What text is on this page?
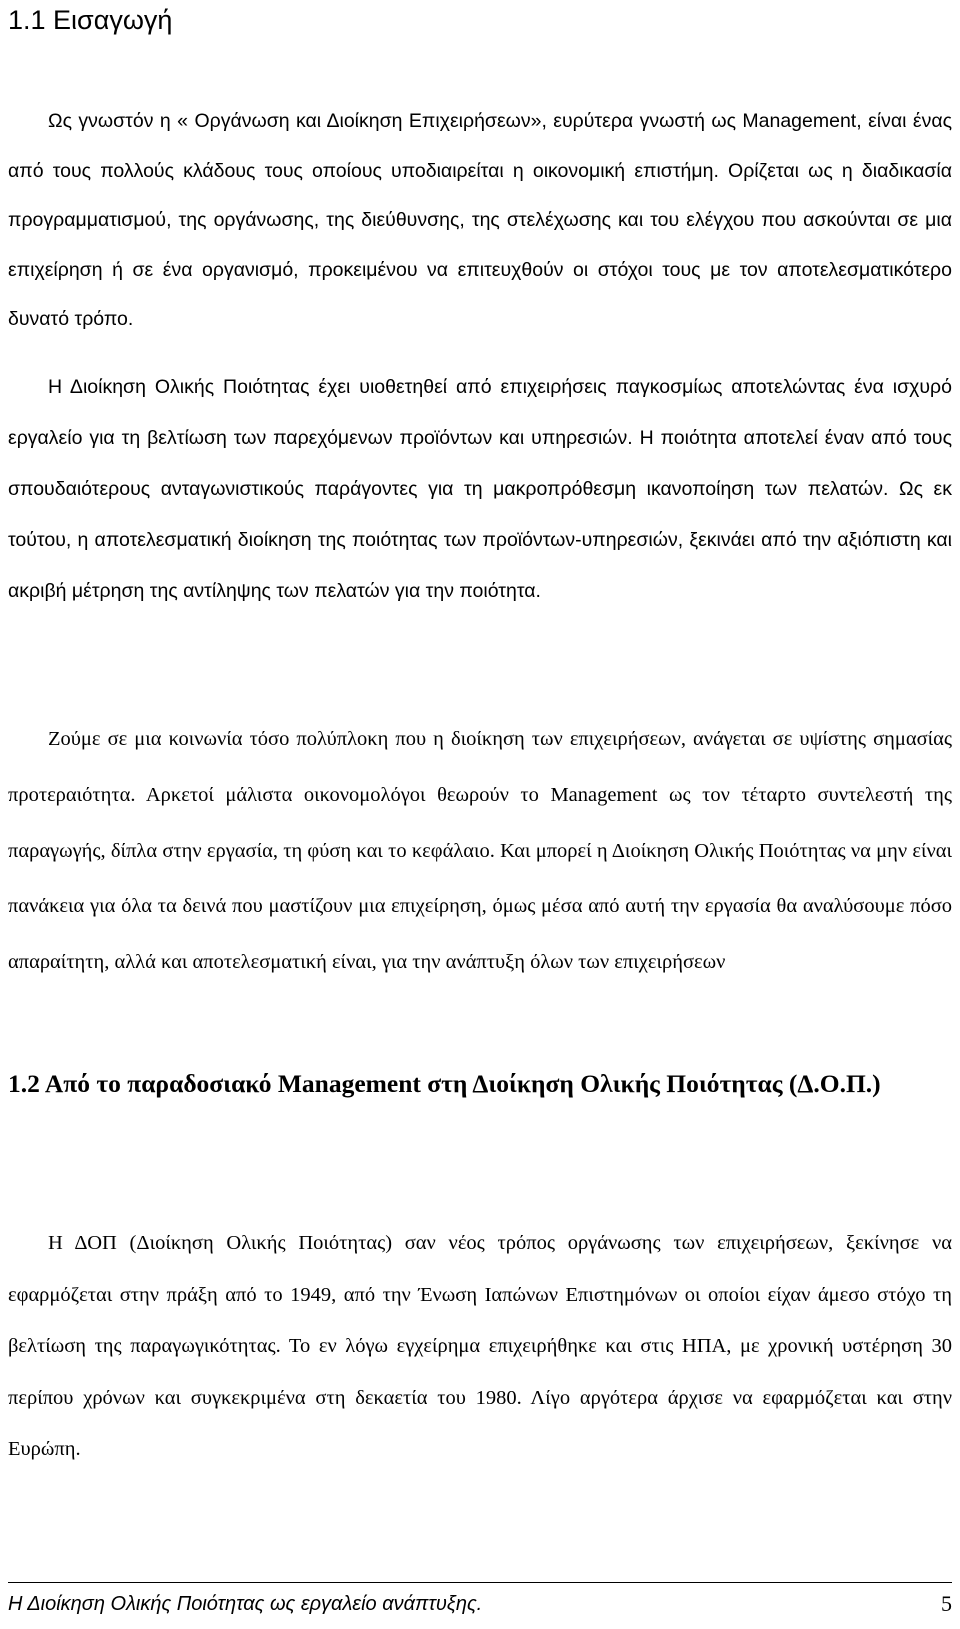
1.1 Εισαγωγή

Ως γνωστόν η « Οργάνωση και Διοίκηση Επιχειρήσεων», ευρύτερα γνωστή ως Management, είναι ένας από τους πολλούς κλάδους τους οποίους υποδιαιρείται η οικονομική επιστήμη. Ορίζεται ως η διαδικασία προγραμματισμού, της οργάνωσης, της διεύθυνσης, της στελέχωσης και του ελέγχου που ασκούνται σε μια επιχείρηση ή σε ένα οργανισμό, προκειμένου να επιτευχθούν οι στόχοι τους με τον αποτελεσματικότερο δυνατό τρόπο.

Η Διοίκηση Ολικής Ποιότητας έχει υιοθετηθεί από επιχειρήσεις παγκοσμίως αποτελώντας ένα ισχυρό εργαλείο για τη βελτίωση των παρεχόμενων προϊόντων και υπηρεσιών. Η ποιότητα αποτελεί έναν από τους σπουδαιότερους ανταγωνιστικούς παράγοντες για τη μακροπρόθεσμη ικανοποίηση των πελατών. Ως εκ τούτου, η αποτελεσματική διοίκηση της ποιότητας των προϊόντων-υπηρεσιών, ξεκινάει από την αξιόπιστη και ακριβή μέτρηση της αντίληψης των πελατών για την ποιότητα.

Ζούμε σε μια κοινωνία τόσο πολύπλοκη που η διοίκηση των επιχειρήσεων, ανάγεται σε υψίστης σημασίας προτεραιότητα. Αρκετοί μάλιστα οικονομολόγοι θεωρούν το Management ως τον τέταρτο συντελεστή της παραγωγής, δίπλα στην εργασία, τη φύση και το κεφάλαιο. Και μπορεί η Διοίκηση Ολικής Ποιότητας να μην είναι πανάκεια για όλα τα δεινά που μαστίζουν μια επιχείρηση, όμως μέσα από αυτή την εργασία θα αναλύσουμε πόσο απαραίτητη, αλλά και αποτελεσματική είναι, για την ανάπτυξη όλων των επιχειρήσεων

1.2 Από το παραδοσιακό Management στη Διοίκηση Ολικής Ποιότητας (Δ.Ο.Π.)

Η ΔΟΠ (Διοίκηση Ολικής Ποιότητας) σαν νέος τρόπος οργάνωσης των επιχειρήσεων, ξεκίνησε να εφαρμόζεται στην πράξη από το 1949, από την Ένωση Ιαπώνων Επιστημόνων οι οποίοι είχαν άμεσο στόχο τη βελτίωση της παραγωγικότητας. Το εν λόγω εγχείρημα επιχειρήθηκε και στις ΗΠΑ, με χρονική υστέρηση 30 περίπου χρόνων και συγκεκριμένα στη δεκαετία του 1980. Λίγο αργότερα άρχισε να εφαρμόζεται και στην Ευρώπη.

Η Διοίκηση Ολικής Ποιότητας ως εργαλείο ανάπτυξης.	5
